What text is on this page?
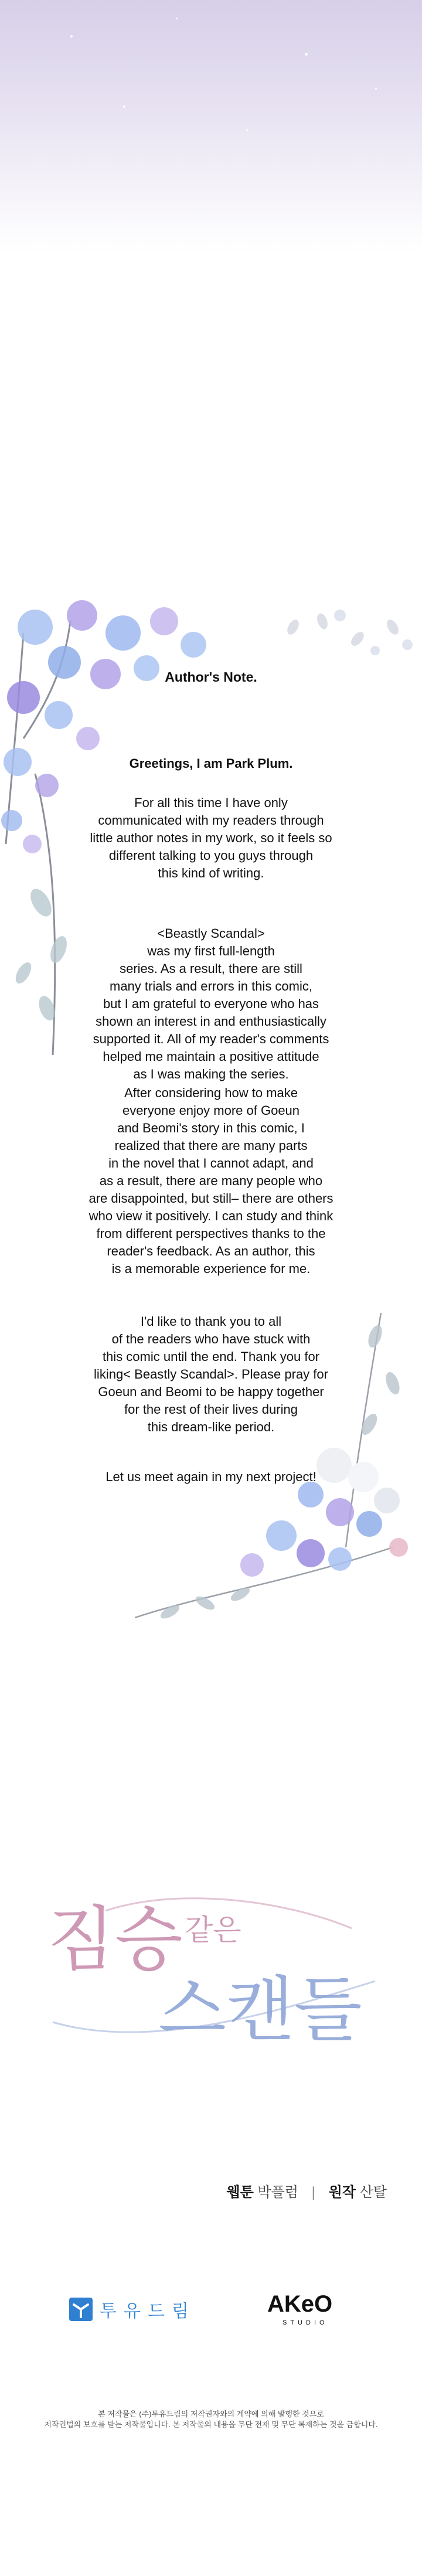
Author's Note.
Greetings, I am Park Plum.
For all this time I have only
communicated with my readers through
little author notes in my work, so it feels so
different talking to you guys through
this kind of writing.
<Beastly Scandal>
was my first full-length
series. As a result, there are still
many trials and errors in this comic,
but I am grateful to everyone who has
shown an interest in and enthusiastically
supported it. All of my reader's comments
helped me maintain a positive attitude
as I was making the series.
After considering how to make
everyone enjoy more of Goeun
and Beomi's story in this comic, I
realized that there are many parts
in the novel that I cannot adapt, and
as a result, there are many people who
are disappointed, but still– there are others
who view it positively. I can study and think
from different perspectives thanks to the
reader's feedback. As an author, this
is a memorable experience for me.
I'd like to thank you to all
of the readers who have stuck with
this comic until the end. Thank you for
liking< Beastly Scandal>. Please pray for
Goeun and Beomi to be happy together
for the rest of their lives during
this dream-like period.
Let us meet again in my next project!
짐승 같은
스캔들
웹툰 박플럼 | 원작 산탈
투유드림	AKeO
STUDIO
본 저작물은 (주)투유드림의 저작권자와의 계약에 의해 발행한 것으로
저작권법의 보호를 받는 저작물입니다. 본 저작물의 내용을 무단 전재 및 무단 복제하는 것을 금합니다.
